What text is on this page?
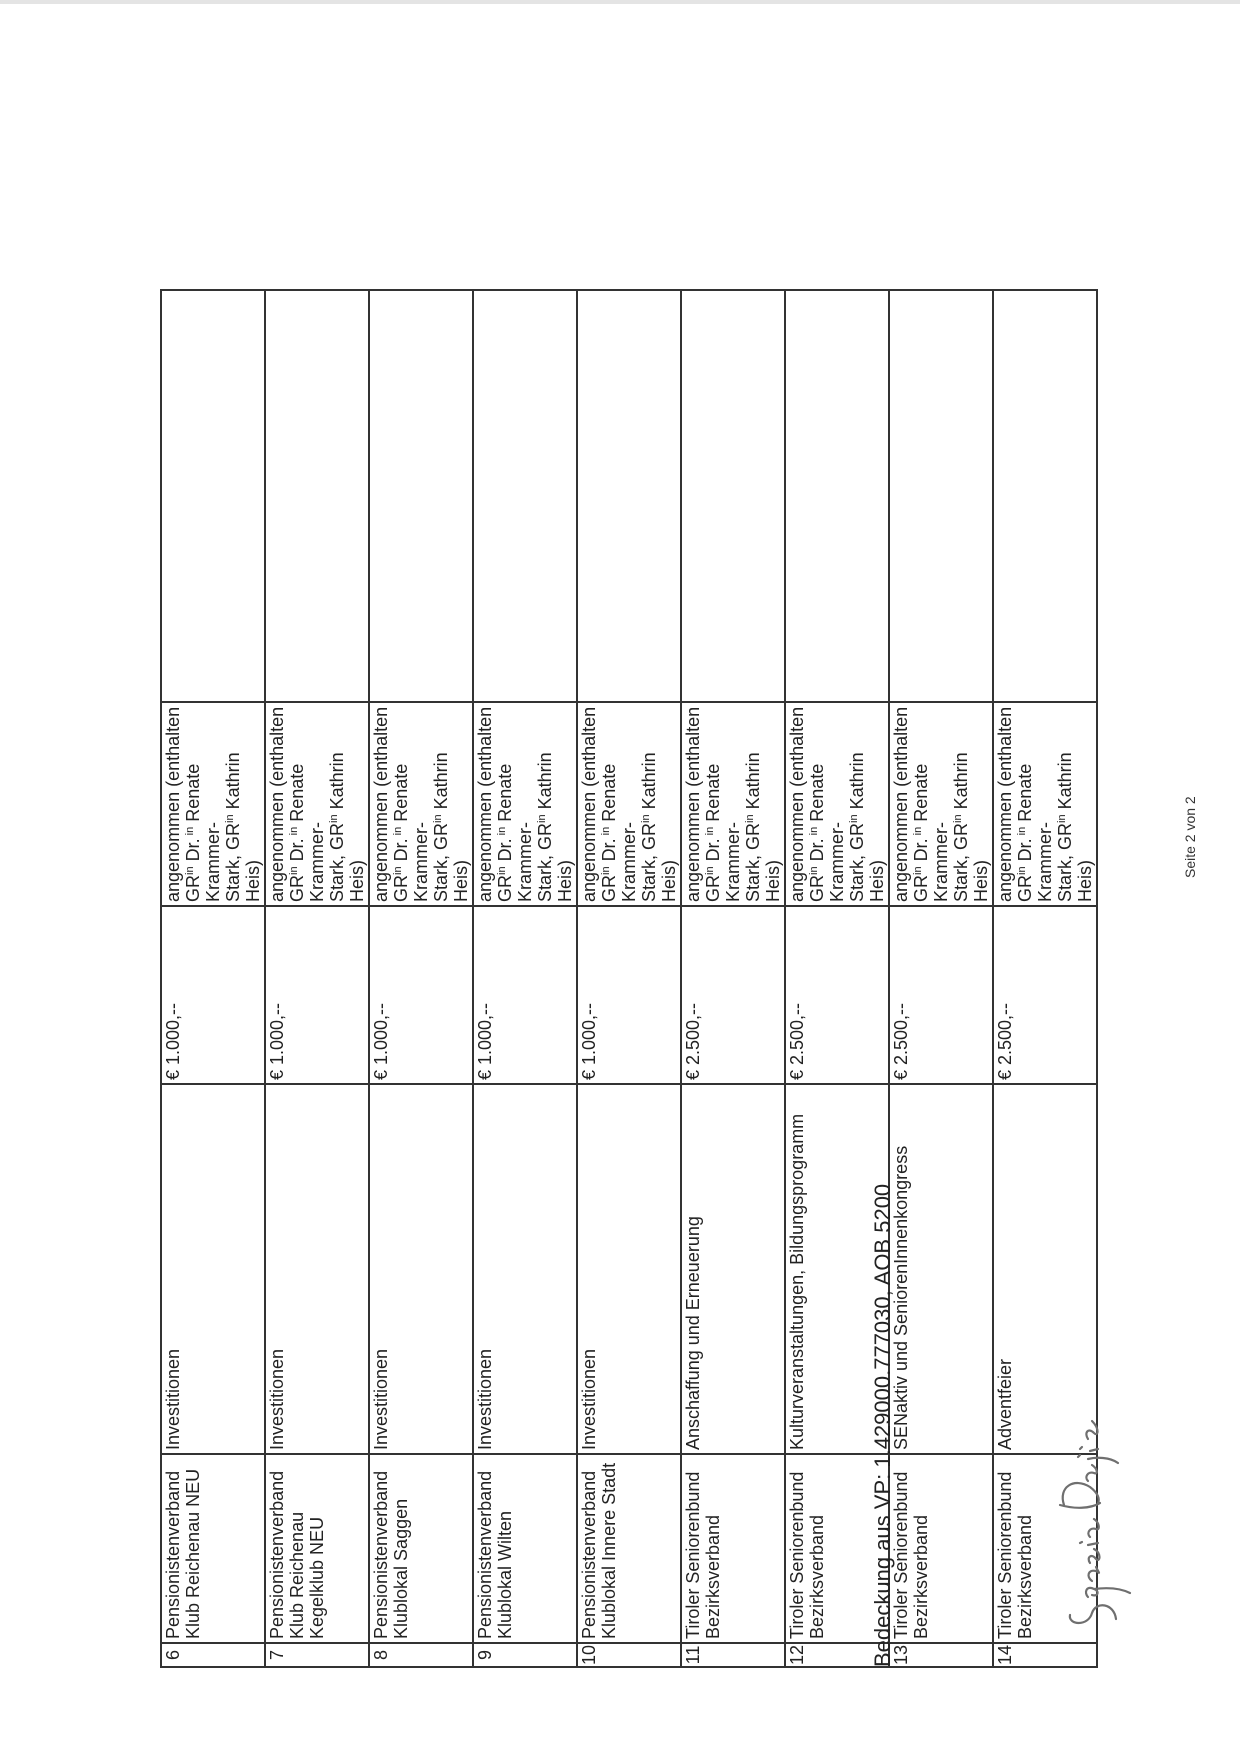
6	Pensionistenverband Klub Reichenau NEU	Investitionen	€ 1.000,--	angenommen (enthalten
$GR^{in}$ Dr. $^{in}$ Renate Krammer-
Stark, $GR^{in}$ Kathrin Heis)	
7	Pensionistenverband Klub Reichenau Kegelklub NEU	Investitionen	€ 1.000,--	angenommen (enthalten
$GR^{in}$ Dr. $^{in}$ Renate Krammer-
Stark, $GR^{in}$ Kathrin Heis)	
8	Pensionistenverband Klublokal Saggen	Investitionen	€ 1.000,--	angenommen (enthalten
$GR^{in}$ Dr. $^{in}$ Renate Krammer-
Stark, $GR^{in}$ Kathrin Heis)	
9	Pensionistenverband Klublokal Wilten	Investitionen	€ 1.000,--	angenommen (enthalten
$GR^{in}$ Dr. $^{in}$ Renate Krammer-
Stark, $GR^{in}$ Kathrin Heis)	
10	Pensionistenverband Klublokal Innere Stadt	Investitionen	€ 1.000,--	angenommen (enthalten
$GR^{in}$ Dr. $^{in}$ Renate Krammer-
Stark, $GR^{in}$ Kathrin Heis)	
11	Tiroler Seniorenbund Bezirksverband	Anschaffung und Erneuerung	€ 2.500,--	angenommen (enthalten
$GR^{in}$ Dr. $^{in}$ Renate Krammer-
Stark, $GR^{in}$ Kathrin Heis)	
12	Tiroler Seniorenbund Bezirksverband	Kulturveranstaltungen, Bildungsprogramm	€ 2.500,--	angenommen (enthalten
$GR^{in}$ Dr. $^{in}$ Renate Krammer-
Stark, $GR^{in}$ Kathrin Heis)	
13	Tiroler Seniorenbund Bezirksverband	SENaktiv und SeniorenInnenkongress	€ 2.500,--	angenommen (enthalten
$GR^{in}$ Dr. $^{in}$ Renate Krammer-
Stark, $GR^{in}$ Kathrin Heis)	
14	Tiroler Seniorenbund Bezirksverband	Adventfeier	€ 2.500,--	angenommen (enthalten
$GR^{in}$ Dr. $^{in}$ Renate Krammer-
Stark, $GR^{in}$ Kathrin Heis)	
Bedeckung aus VP: 1.429000.777030, AOB 5200
Seite 2 von 2
